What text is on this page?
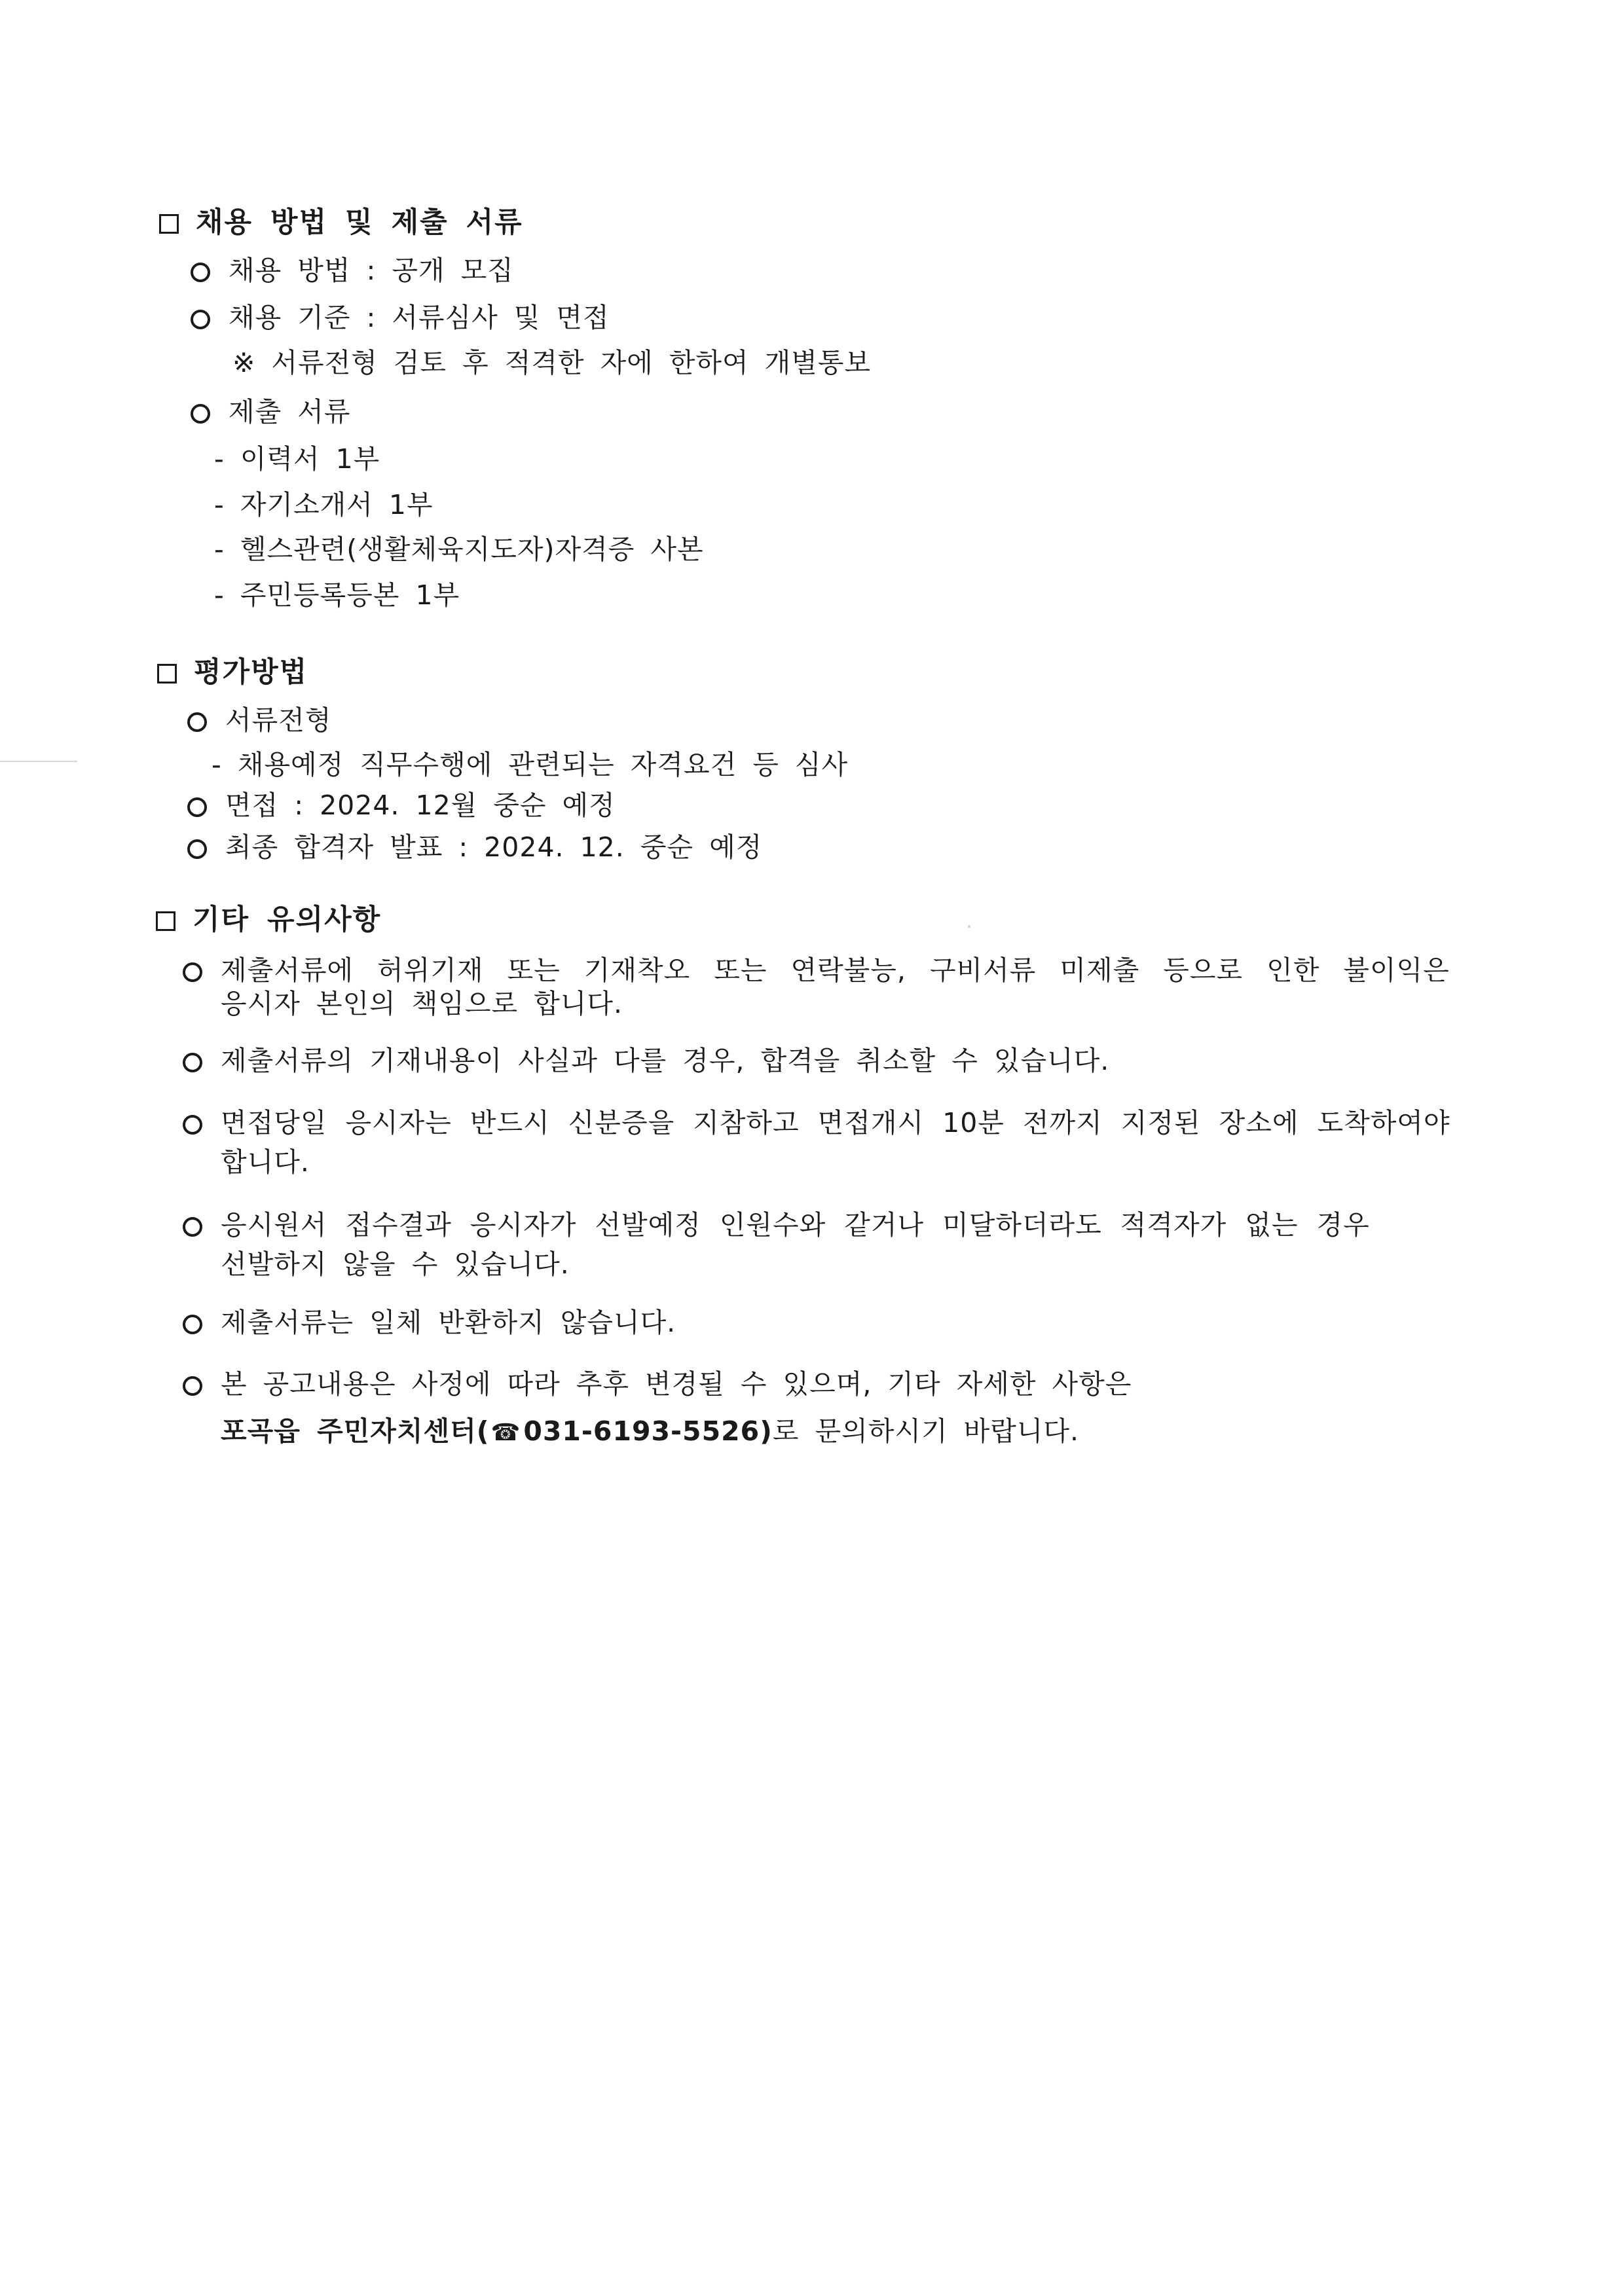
채용 방법 및 제출 서류
채용 방법 : 공개 모집
채용 기준 : 서류심사 및 면접
※ 서류전형 검토 후 적격한 자에 한하여 개별통보
제출 서류
- 이력서 1부
- 자기소개서 1부
- 헬스관련(생활체육지도자)자격증 사본
- 주민등록등본 1부
평가방법
서류전형
- 채용예정 직무수행에 관련되는 자격요건 등 심사
면접 : 2024. 12월 중순 예정
최종 합격자 발표 : 2024. 12. 중순 예정
기타 유의사항
제출서류에 허위기재 또는 기재착오 또는 연락불능, 구비서류 미제출 등으로 인한 불이익은
응시자 본인의 책임으로 합니다.
제출서류의 기재내용이 사실과 다를 경우, 합격을 취소할 수 있습니다.
면접당일 응시자는 반드시 신분증을 지참하고 면접개시 10분 전까지 지정된 장소에 도착하여야
합니다.
응시원서 접수결과 응시자가 선발예정 인원수와 같거나 미달하더라도 적격자가 없는 경우
선발하지 않을 수 있습니다.
제출서류는 일체 반환하지 않습니다.
본 공고내용은 사정에 따라 추후 변경될 수 있으며, 기타 자세한 사항은
포곡읍 주민자치센터(☎031-6193-5526)로 문의하시기 바랍니다.
